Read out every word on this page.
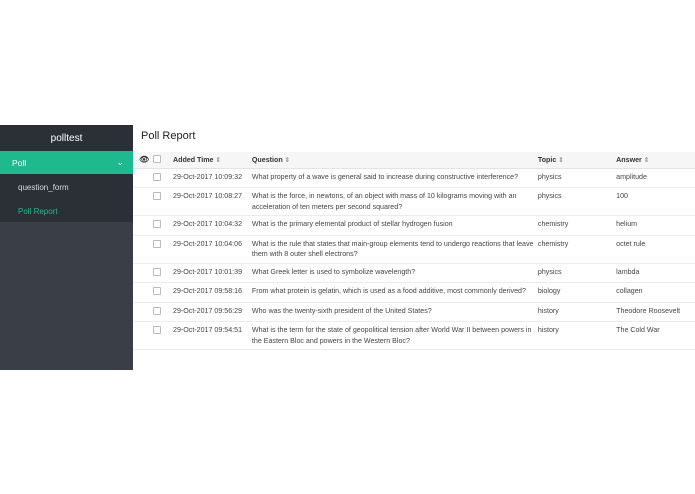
polltest
Poll	⌄
question_form
Poll Report
Poll Report
👁︎		Added Time ⇕	Question ⇕	Topic ⇕	Answer ⇕
		29-Oct-2017 10:09:32	What property of a wave is general said to increase during constructive interference?	physics	amplitude
		29-Oct-2017 10:08:27	What is the force, in newtons, of an object with mass of 10 kilograms moving with an acceleration of ten meters per second squared?	physics	100
		29-Oct-2017 10:04:32	What is the primary elemental product of stellar hydrogen fusion	chemistry	helium
		29-Oct-2017 10:04:06	What is the rule that states that main-group elements tend to undergo reactions that leave them with 8 outer shell electrons?	chemistry	octet rule
		29-Oct-2017 10:01:39	What Greek letter is used to symbolize wavelength?	physics	lambda
		29-Oct-2017 09:58:16	From what protein is gelatin, which is used as a food additive, most commonly derived?	biology	collagen
		29-Oct-2017 09:56:29	Who was the twenty-sixth president of the United States?	history	Theodore Roosevelt
		29-Oct-2017 09:54:51	What is the term for the state of geopolitical tension after World War II between powers in the Eastern Bloc and powers in the Western Bloc?	history	The Cold War
